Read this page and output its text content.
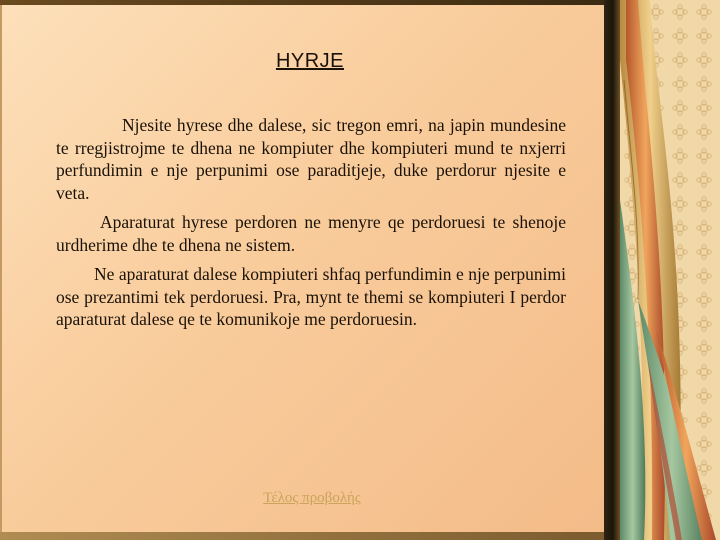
HYRJE

Njesite hyrese dhe dalese, sic tregon emri, na japin mundesine te rregjistrojme te dhena ne kompiuter dhe kompiuteri mund te nxjerri perfundimin e nje perpunimi ose paraditjeje, duke perdorur njesite e veta.

Aparaturat hyrese perdoren ne menyre qe perdoruesi te shenoje urdherime dhe te dhena ne sistem.

Ne aparaturat dalese kompiuteri shfaq perfundimin e nje perpunimi ose prezantimi tek perdoruesi. Pra, mynt te themi se kompiuteri I perdor aparaturat dalese qe te komunikoje me perdoruesin.

Τέλος προβολής
